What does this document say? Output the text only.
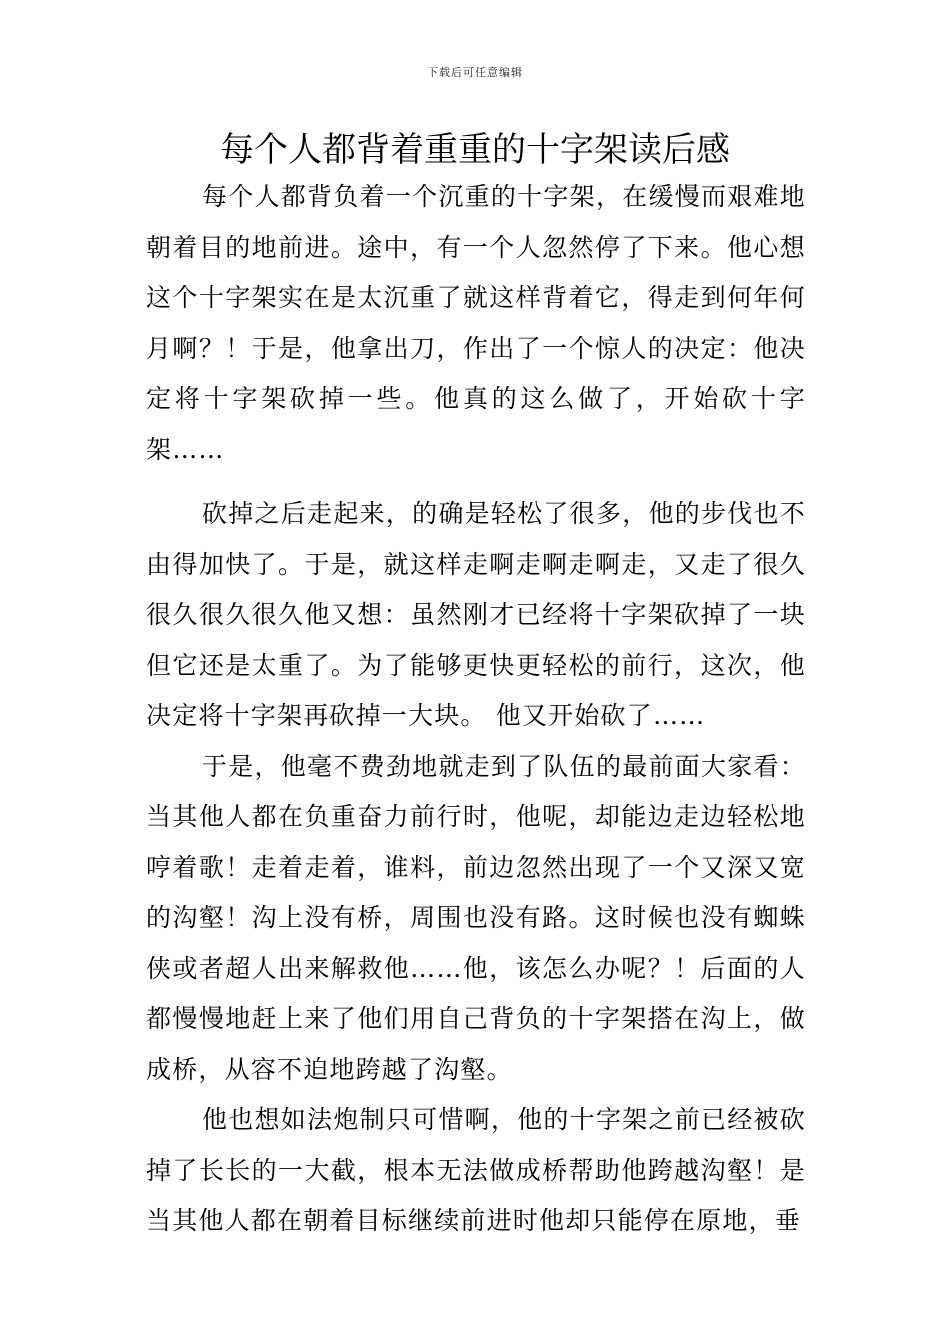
下载后可任意编辑
每个人都背着重重的十字架读后感

每个人都背负着一个沉重的十字架，在缓慢而艰难地朝着目的地前进。途中，有一个人忽然停了下来。他心想这个十字架实在是太沉重了就这样背着它，得走到何年何月啊？！于是，他拿出刀，作出了一个惊人的决定：他决定将十字架砍掉一些。他真的这么做了，开始砍十字架……

砍掉之后走起来，的确是轻松了很多，他的步伐也不由得加快了。于是，就这样走啊走啊走啊走，又走了很久很久很久很久他又想：虽然刚才已经将十字架砍掉了一块但它还是太重了。为了能够更快更轻松的前行，这次，他决定将十字架再砍掉一大块。 他又开始砍了……

于是，他毫不费劲地就走到了队伍的最前面大家看：当其他人都在负重奋力前行时，他呢，却能边走边轻松地哼着歌！走着走着，谁料，前边忽然出现了一个又深又宽的沟壑！沟上没有桥，周围也没有路。这时候也没有蜘蛛侠或者超人出来解救他……他，该怎么办呢？！后面的人都慢慢地赶上来了他们用自己背负的十字架搭在沟上，做成桥，从容不迫地跨越了沟壑。

他也想如法炮制只可惜啊，他的十字架之前已经被砍掉了长长的一大截，根本无法做成桥帮助他跨越沟壑！是当其他人都在朝着目标继续前进时他却只能停在原地，垂
